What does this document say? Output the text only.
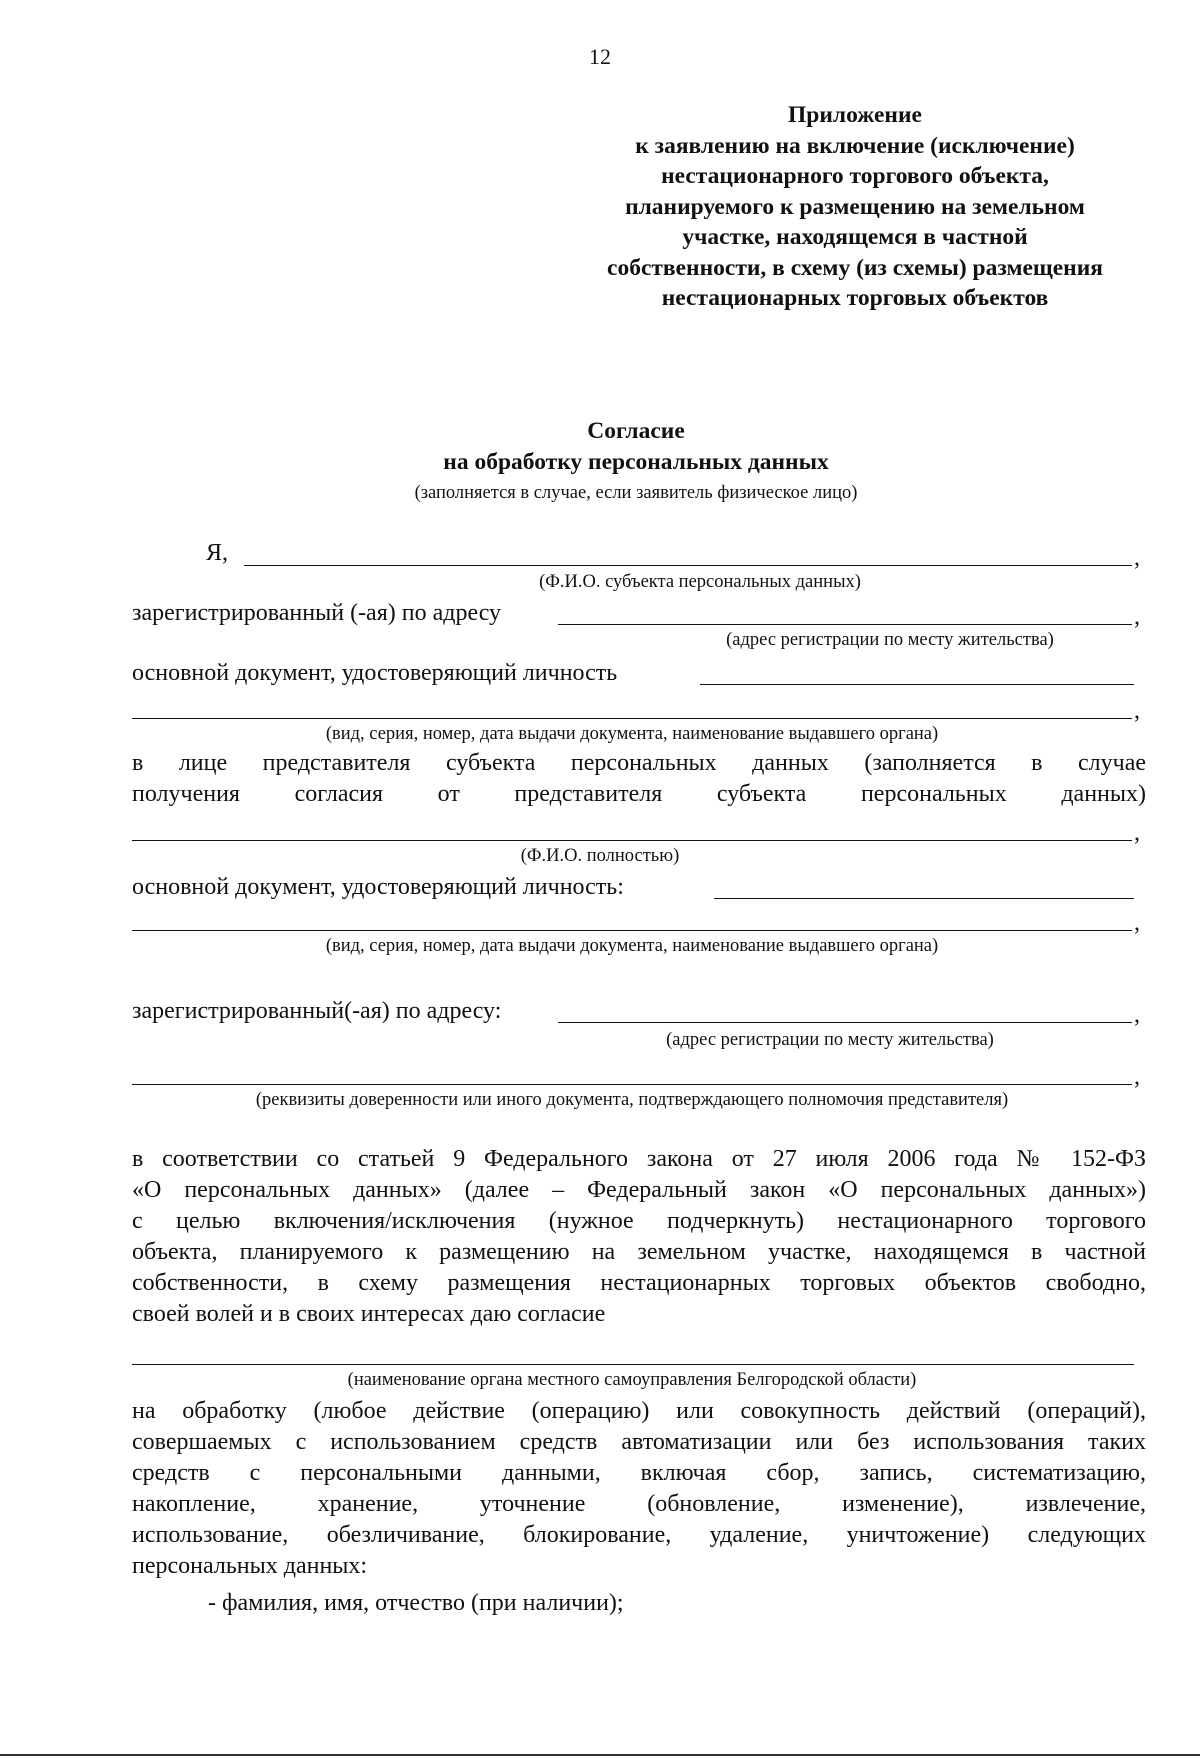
12
Приложение
к заявлению на включение (исключение)
нестационарного торгового объекта,
планируемого к размещению на земельном
участке, находящемся в частной
собственности, в схему (из схемы) размещения
нестационарных торговых объектов
Согласие
на обработку персональных данных
(заполняется в случае, если заявитель физическое лицо)
Я,	,
(Ф.И.О. субъекта персональных данных)
зарегистрированный (-ая) по адресу	,
(адрес регистрации по месту жительства)
основной документ, удостоверяющий личность
,
(вид, серия, номер, дата выдачи документа, наименование выдавшего органа)
в лице представителя субъекта персональных данных (заполняется в случае
получения согласия от представителя субъекта персональных данных)
,
(Ф.И.О. полностью)
основной документ, удостоверяющий личность:
,
(вид, серия, номер, дата выдачи документа, наименование выдавшего органа)
зарегистрированный(-ая) по адресу:	,
(адрес регистрации по месту жительства)
,
(реквизиты доверенности или иного документа, подтверждающего полномочия представителя)
в соответствии со статьей 9 Федерального закона от 27 июля 2006 года № 152-ФЗ
«О персональных данных» (далее – Федеральный закон «О персональных данных»)
с целью включения/исключения (нужное подчеркнуть) нестационарного торгового
объекта, планируемого к размещению на земельном участке, находящемся в частной
собственности, в схему размещения нестационарных торговых объектов свободно,
своей волей и в своих интересах даю согласие
(наименование органа местного самоуправления Белгородской области)
на обработку (любое действие (операцию) или совокупность действий (операций),
совершаемых с использованием средств автоматизации или без использования таких
средств с персональными данными, включая сбор, запись, систематизацию,
накопление, хранение, уточнение (обновление, изменение), извлечение,
использование, обезличивание, блокирование, удаление, уничтожение) следующих
персональных данных:
- фамилия, имя, отчество (при наличии);
